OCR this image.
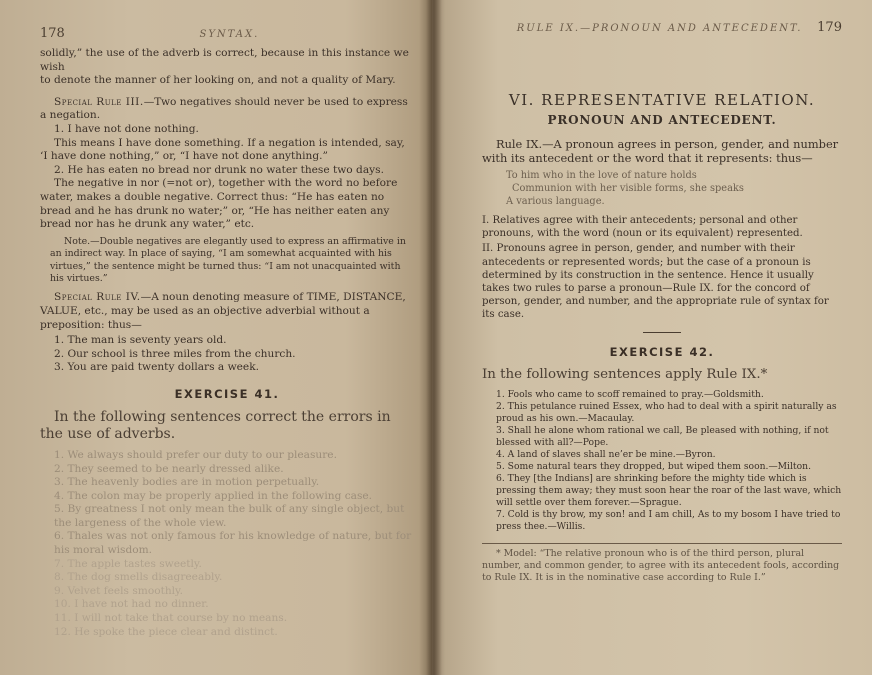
178	SYNTAX.

solidly,” the use of the adverb is correct, because in this instance we wish

to denote the manner of her looking on, and not a quality of Mary.

Special Rule III.—Two negatives should never be used to express a negation.

1. I have not done nothing.

This means I have done something. If a negation is intended, say,

‘I have done nothing,” or, “I have not done anything.”

2. He has eaten no bread nor drunk no water these two days.

The negative in nor (=not or), together with the word no before

water, makes a double negative. Correct thus: “He has eaten no

bread and he has drunk no water;” or, “He has neither eaten any

bread nor has he drunk any water,” etc.

Note.—Double negatives are elegantly used to express an affirmative in an indirect way. In place of saying, “I am somewhat acquainted with his virtues,” the sentence might be turned thus: “I am not unacquainted with his virtues.”

Special Rule IV.—A noun denoting measure of TIME, DISTANCE, VALUE, etc., may be used as an objective adverbial without a preposition: thus—

1. The man is seventy years old.
2. Our school is three miles from the church.
3. You are paid twenty dollars a week.
EXERCISE 41.

In the following sentences correct the errors in the use of adverbs.

1. We always should prefer our duty to our pleasure.
2. They seemed to be nearly dressed alike.
3. The heavenly bodies are in motion perpetually.
4. The colon may be properly applied in the following case.
5. By greatness I not only mean the bulk of any single object, but the largeness of the whole view.
6. Thales was not only famous for his knowledge of nature, but for his moral wisdom.
7. The apple tastes sweetly.
8. The dog smells disagreeably.
9. Velvet feels smoothly.
10. I have not had no dinner.
11. I will not take that course by no means.
12. He spoke the piece clear and distinct.
RULE IX.—PRONOUN AND ANTECEDENT. 179
VI. REPRESENTATIVE RELATION.
PRONOUN AND ANTECEDENT.

Rule IX.—A pronoun agrees in person, gender, and number with its antecedent or the word that it represents: thus—

To him who in the love of nature holds

Communion with her visible forms, she speaks

A various language.

I. Relatives agree with their antecedents; personal and other pronouns, with the word (noun or its equivalent) represented.

II. Pronouns agree in person, gender, and number with their antecedents or represented words; but the case of a pronoun is determined by its construction in the sentence. Hence it usually takes two rules to parse a pronoun—Rule IX. for the concord of person, gender, and number, and the appropriate rule of syntax for its case.

EXERCISE 42.

In the following sentences apply Rule IX.*

1. Fools who came to scoff remained to pray.—Goldsmith.
2. This petulance ruined Essex, who had to deal with a spirit naturally as proud as his own.—Macaulay.
3. Shall he alone whom rational we call, Be pleased with nothing, if not blessed with all?—Pope.
4. A land of slaves shall ne’er be mine.—Byron.
5. Some natural tears they dropped, but wiped them soon.—Milton.
6. They [the Indians] are shrinking before the mighty tide which is pressing them away; they must soon hear the roar of the last wave, which will settle over them forever.—Sprague.
7. Cold is thy brow, my son! and I am chill, As to my bosom I have tried to press thee.—Willis.

* Model: “The relative pronoun who is of the third person, plural number, and common gender, to agree with its antecedent fools, according to Rule IX. It is in the nominative case according to Rule I.”
